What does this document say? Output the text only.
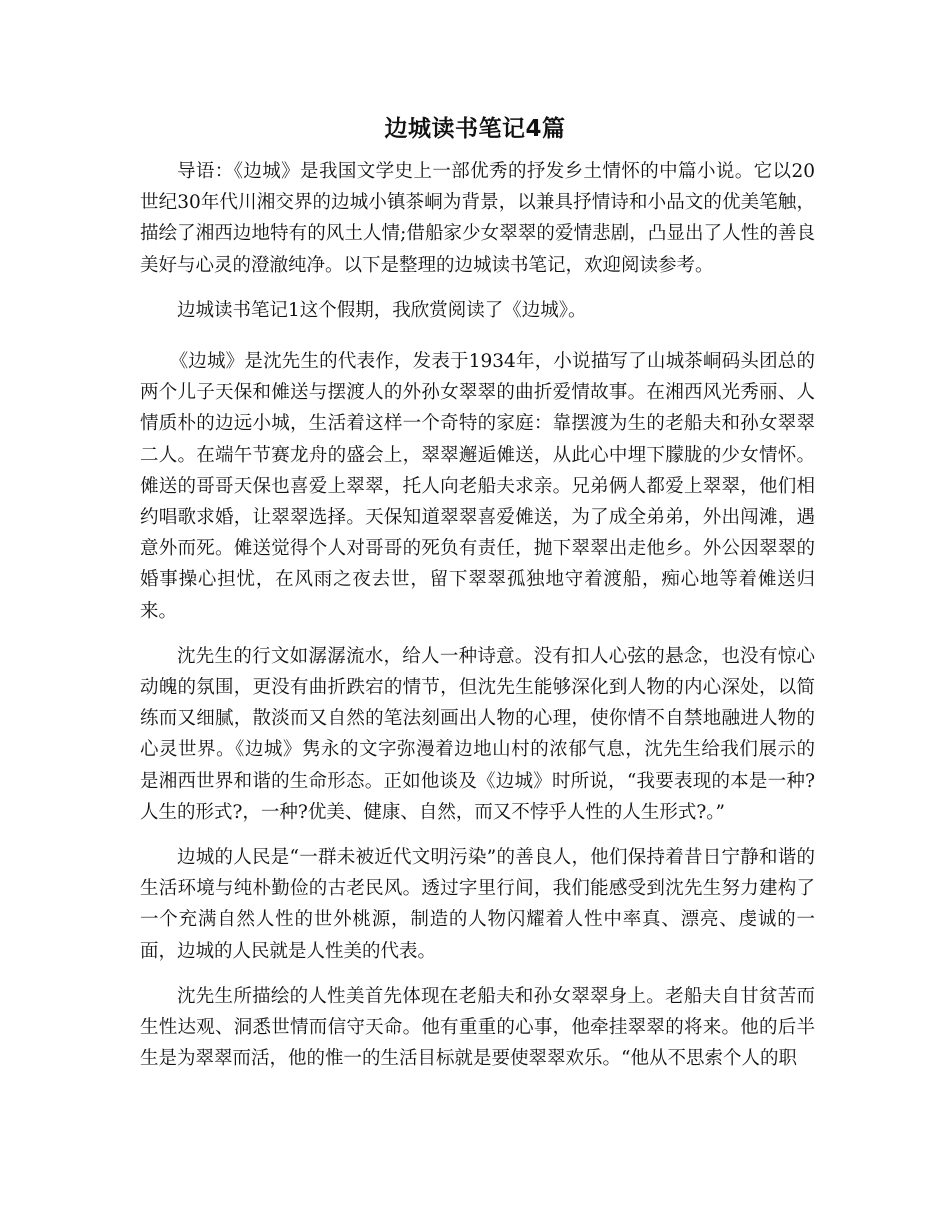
边城读书笔记4篇

导语：《边城》是我国文学史上一部优秀的抒发乡土情怀的中篇小说。它以20世纪30年代川湘交界的边城小镇茶峒为背景，以兼具抒情诗和小品文的优美笔触，描绘了湘西边地特有的风土人情;借船家少女翠翠的爱情悲剧，凸显出了人性的善良美好与心灵的澄澈纯净。以下是整理的边城读书笔记，欢迎阅读参考。

边城读书笔记1这个假期，我欣赏阅读了《边城》。

《边城》是沈先生的代表作，发表于1934年，小说描写了山城茶峒码头团总的两个儿子天保和傩送与摆渡人的外孙女翠翠的曲折爱情故事。在湘西风光秀丽、人情质朴的边远小城，生活着这样一个奇特的家庭：靠摆渡为生的老船夫和孙女翠翠二人。在端午节赛龙舟的盛会上，翠翠邂逅傩送，从此心中埋下朦胧的少女情怀。傩送的哥哥天保也喜爱上翠翠，托人向老船夫求亲。兄弟俩人都爱上翠翠，他们相约唱歌求婚，让翠翠选择。天保知道翠翠喜爱傩送，为了成全弟弟，外出闯滩，遇意外而死。傩送觉得个人对哥哥的死负有责任，抛下翠翠出走他乡。外公因翠翠的婚事操心担忧，在风雨之夜去世，留下翠翠孤独地守着渡船，痴心地等着傩送归来。

沈先生的行文如潺潺流水，给人一种诗意。没有扣人心弦的悬念，也没有惊心动魄的氛围，更没有曲折跌宕的情节，但沈先生能够深化到人物的内心深处，以简练而又细腻，散淡而又自然的笔法刻画出人物的心理，使你情不自禁地融进人物的心灵世界。《边城》隽永的文字弥漫着边地山村的浓郁气息，沈先生给我们展示的是湘西世界和谐的生命形态。正如他谈及《边城》时所说，“我要表现的本是一种?人生的形式?，一种?优美、健康、自然，而又不悖乎人性的人生形式?。”

边城的人民是“一群未被近代文明污染”的善良人，他们保持着昔日宁静和谐的生活环境与纯朴勤俭的古老民风。透过字里行间，我们能感受到沈先生努力建构了一个充满自然人性的世外桃源，制造的人物闪耀着人性中率真、漂亮、虔诚的一面，边城的人民就是人性美的代表。

沈先生所描绘的人性美首先体现在老船夫和孙女翠翠身上。老船夫自甘贫苦而生性达观、洞悉世情而信守天命。他有重重的心事，他牵挂翠翠的将来。他的后半生是为翠翠而活，他的惟一的生活目标就是要使翠翠欢乐。“他从不思索个人的职
